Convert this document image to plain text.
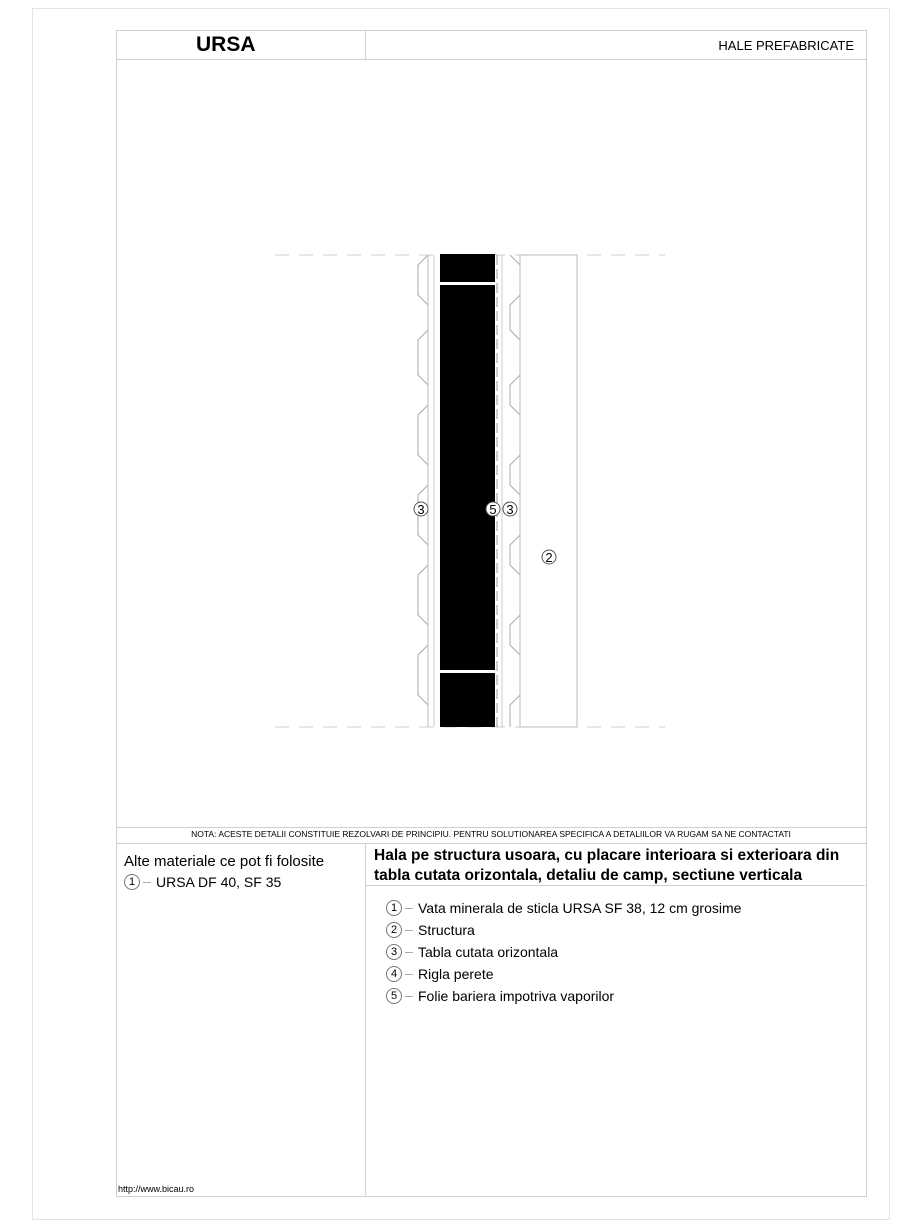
URSA	HALE PREFABRICATE
3	5 3
2
NOTA: ACESTE DETALII CONSTITUIE REZOLVARI DE PRINCIPIU. PENTRU SOLUTIONAREA SPECIFICA A DETALIILOR VA RUGAM SA NE CONTACTATI
Alte materiale ce pot fi folosite
1	URSA DF 40, SF 35
Hala pe structura usoara, cu placare interioara si exterioara din tabla cutata orizontala, detaliu de camp, sectiune verticala
1	Vata minerala de sticla URSA SF 38, 12 cm grosime
2	Structura
3	Tabla cutata orizontala
4	Rigla perete
5	Folie bariera impotriva vaporilor
http://www.bicau.ro
